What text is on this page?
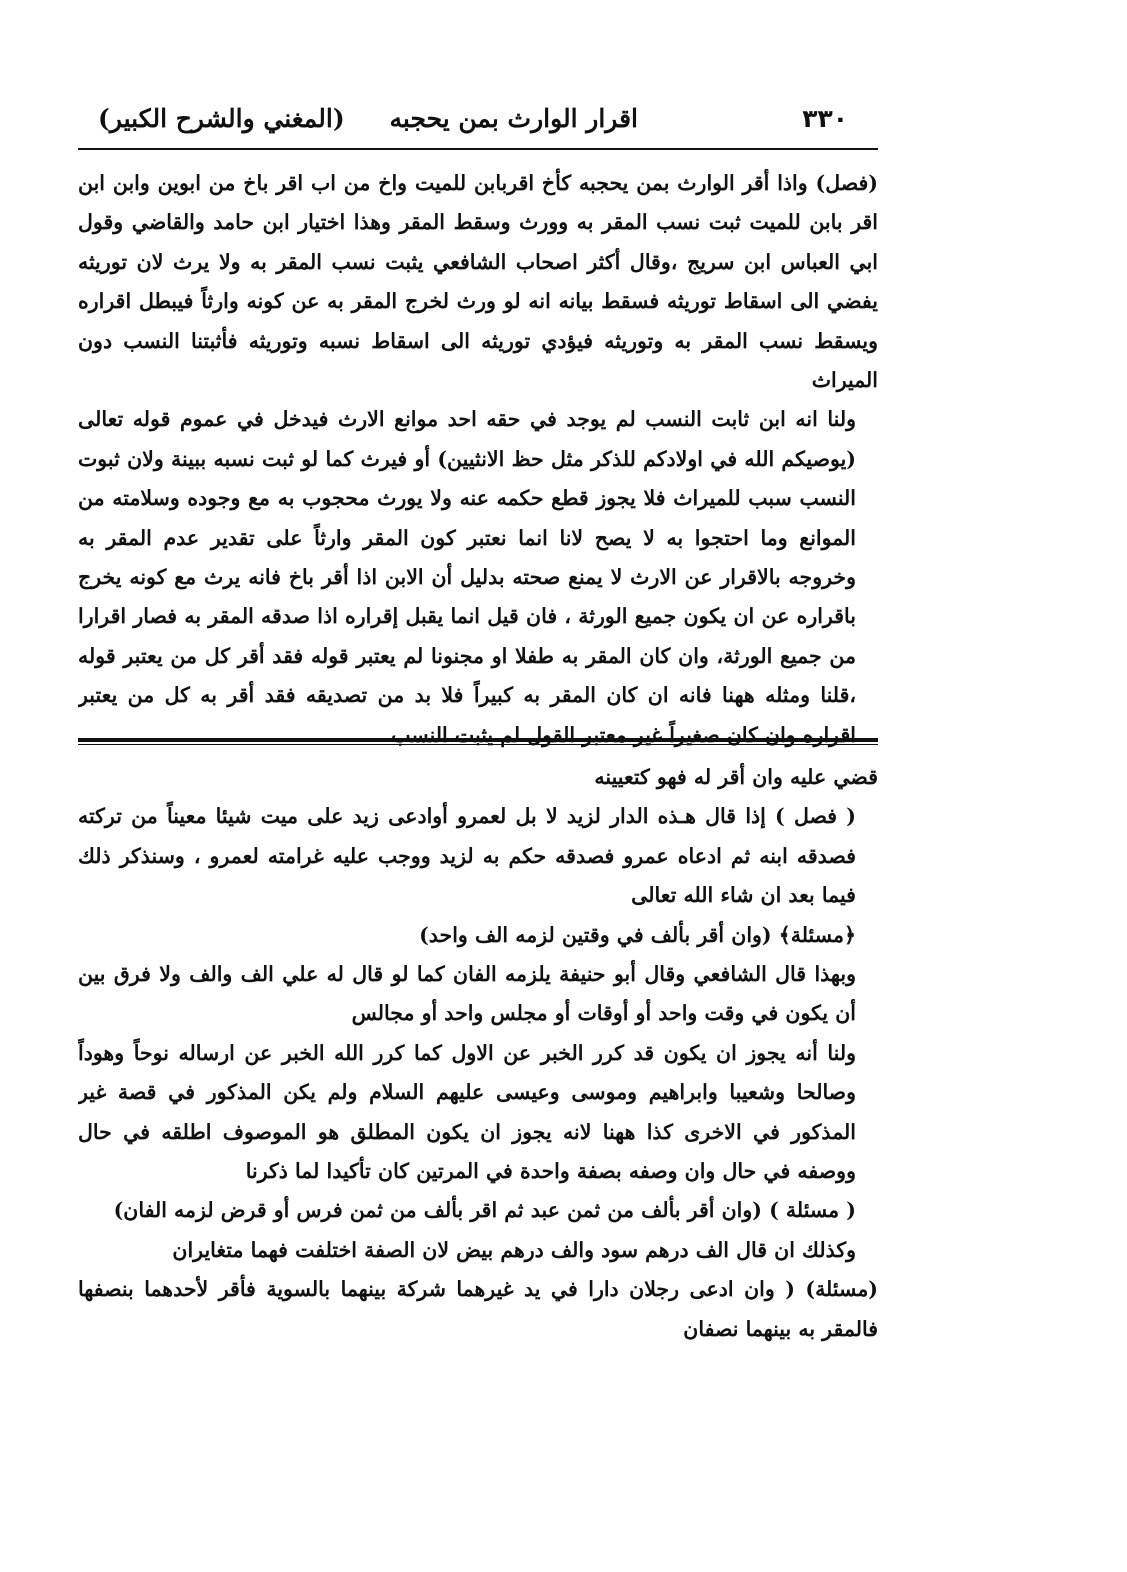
٣٣٠
اقرار الوارث بمن يحجبه
(المغني والشرح الكبير)

(فصل) واذا أقر الوارث بمن يحجبه كأخ اقربابن للميت واخ من اب اقر باخ من ابوين وابن ابن اقر بابن للميت ثبت نسب المقر به وورث وسقط المقر وهذا اختيار ابن حامد والقاضي وقول ابي العباس ابن سريج ،وقال أكثر اصحاب الشافعي يثبت نسب المقر به ولا يرث لان توريثه يفضي الى اسقاط توريثه فسقط بيانه انه لو ورث لخرج المقر به عن كونه وارثاً فيبطل اقراره ويسقط نسب المقر به وتوريثه فيؤدي توريثه الى اسقاط نسبه وتوريثه فأثبتنا النسب دون الميراث

ولنا انه ابن ثابت النسب لم يوجد في حقه احد موانع الارث فيدخل في عموم قوله تعالى (يوصيكم الله في اولادكم للذكر مثل حظ الانثيين) أو فيرث كما لو ثبت نسبه ببينة ولان ثبوت النسب سبب للميراث فلا يجوز قطع حكمه عنه ولا يورث محجوب به مع وجوده وسلامته من الموانع وما احتجوا به لا يصح لانا انما نعتبر كون المقر وارثاً على تقدير عدم المقر به وخروجه بالاقرار عن الارث لا يمنع صحته بدليل أن الابن اذا أقر باخ فانه يرث مع كونه يخرج باقراره عن ان يكون جميع الورثة ، فان قيل انما يقبل إقراره اذا صدقه المقر به فصار اقرارا من جميع الورثة، وان كان المقر به طفلا او مجنونا لم يعتبر قوله فقد أقر كل من يعتبر قوله ،قلنا ومثله ههنا فانه ان كان المقر به كبيراً فلا بد من تصديقه فقد أقر به كل من يعتبر اقراره وان كان صغيراً غير معتبر القول لم يثبت النسب

قضي عليه وان أقر له فهو كتعيينه

( فصل ) إذا قال هـذه الدار لزيد لا بل لعمرو أوادعى زيد على ميت شيئا معيناً من تركته فصدقه ابنه ثم ادعاه عمرو فصدقه حكم به لزيد ووجب عليه غرامته لعمرو ، وسنذكر ذلك فيما بعد ان شاء الله تعالى

﴿مسئلة﴾ (وان أقر بألف في وقتين لزمه الف واحد)

وبهذا قال الشافعي وقال أبو حنيفة يلزمه الفان كما لو قال له علي الف والف ولا فرق بين أن يكون في وقت واحد أو أوقات أو مجلس واحد أو مجالس

ولنا أنه يجوز ان يكون قد كرر الخبر عن الاول كما كرر الله الخبر عن ارساله نوحاً وهوداً وصالحا وشعيبا وابراهيم وموسى وعيسى عليهم السلام ولم يكن المذكور في قصة غير المذكور في الاخرى كذا ههنا لانه يجوز ان يكون المطلق هو الموصوف اطلقه في حال ووصفه في حال وان وصفه بصفة واحدة في المرتين كان تأكيدا لما ذكرنا

( مسئلة ) (وان أقر بألف من ثمن عبد ثم اقر بألف من ثمن فرس أو قرض لزمه الفان)

وكذلك ان قال الف درهم سود والف درهم بيض لان الصفة اختلفت فهما متغايران

(مسئلة) ( وان ادعى رجلان دارا في يد غيرهما شركة بينهما بالسوية فأقر لأحدهما بنصفها فالمقر به بينهما نصفان
